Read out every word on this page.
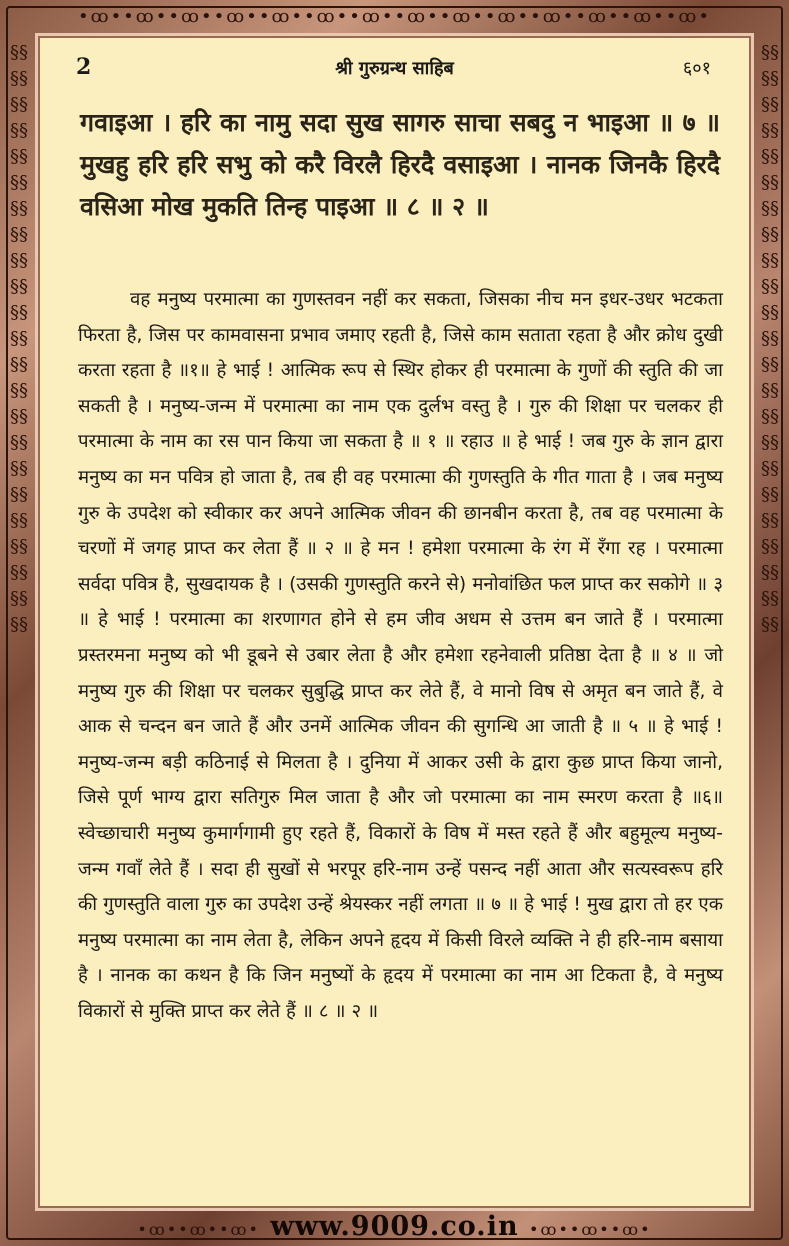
•ꝏ••ꝏ••ꝏ••ꝏ••ꝏ••ꝏ••ꝏ••ꝏ••ꝏ••ꝏ••ꝏ••ꝏ••ꝏ••ꝏ•
§§§§§§§§§§§§§§§§§§§§§§§§§§§§§§§§§§§§§§§§§§§§§§
§§§§§§§§§§§§§§§§§§§§§§§§§§§§§§§§§§§§§§§§§§§§§§
2	श्री गुरुग्रन्थ साहिब	६०१
गवाइआ । हरि का नामु सदा सुख सागरु साचा सबदु न भाइआ ॥ ७ ॥ मुखहु हरि हरि सभु को करै विरलै हिरदै वसाइआ । नानक जिनकै हिरदै वसिआ मोख मुकति तिन्ह पाइआ ॥ ८ ॥ २ ॥

वह मनुष्य परमात्मा का गुणस्तवन नहीं कर सकता, जिसका नीच मन इधर-उधर भटकता फिरता है, जिस पर कामवासना प्रभाव जमाए रहती है, जिसे काम सताता रहता है और क्रोध दुखी करता रहता है ॥१॥ हे भाई ! आत्मिक रूप से स्थिर होकर ही परमात्मा के गुणों की स्तुति की जा सकती है । मनुष्य-जन्म में परमात्मा का नाम एक दुर्लभ वस्तु है । गुरु की शिक्षा पर चलकर ही परमात्मा के नाम का रस पान किया जा सकता है ॥ १ ॥ रहाउ ॥ हे भाई ! जब गुरु के ज्ञान द्वारा मनुष्य का मन पवित्र हो जाता है, तब ही वह परमात्मा की गुणस्तुति के गीत गाता है । जब मनुष्य गुरु के उपदेश को स्वीकार कर अपने आत्मिक जीवन की छानबीन करता है, तब वह परमात्मा के चरणों में जगह प्राप्त कर लेता हैं ॥ २ ॥ हे मन ! हमेशा परमात्मा के रंग में रँगा रह । परमात्मा सर्वदा पवित्र है, सुखदायक है । (उसकी गुणस्तुति करने से) मनोवांछित फल प्राप्त कर सकोगे ॥ ३ ॥ हे भाई ! परमात्मा का शरणागत होने से हम जीव अधम से उत्तम बन जाते हैं । परमात्मा प्रस्तरमना मनुष्य को भी डूबने से उबार लेता है और हमेशा रहनेवाली प्रतिष्ठा देता है ॥ ४ ॥ जो मनुष्य गुरु की शिक्षा पर चलकर सुबुद्धि प्राप्त कर लेते हैं, वे मानो विष से अमृत बन जाते हैं, वे आक से चन्दन बन जाते हैं और उनमें आत्मिक जीवन की सुगन्धि आ जाती है ॥ ५ ॥ हे भाई ! मनुष्य-जन्म बड़ी कठिनाई से मिलता है । दुनिया में आकर उसी के द्वारा कुछ प्राप्त किया जानो, जिसे पूर्ण भाग्य द्वारा सतिगुरु मिल जाता है और जो परमात्मा का नाम स्मरण करता है ॥६॥ स्वेच्छाचारी मनुष्य कुमार्गगामी हुए रहते हैं, विकारों के विष में मस्त रहते हैं और बहुमूल्य मनुष्य-जन्म गवाँ लेते हैं । सदा ही सुखों से भरपूर हरि-नाम उन्हें पसन्द नहीं आता और सत्यस्वरूप हरि की गुणस्तुति वाला गुरु का उपदेश उन्हें श्रेयस्कर नहीं लगता ॥ ७ ॥ हे भाई ! मुख द्वारा तो हर एक मनुष्य परमात्मा का नाम लेता है, लेकिन अपने हृदय में किसी विरले व्यक्ति ने ही हरि-नाम बसाया है । नानक का कथन है कि जिन मनुष्यों के हृदय में परमात्मा का नाम आ टिकता है, वे मनुष्य विकारों से मुक्ति प्राप्त कर लेते हैं ॥ ८ ॥ २ ॥

•ꝏ••ꝏ••ꝏ• www.9009.co.in •ꝏ••ꝏ••ꝏ•
